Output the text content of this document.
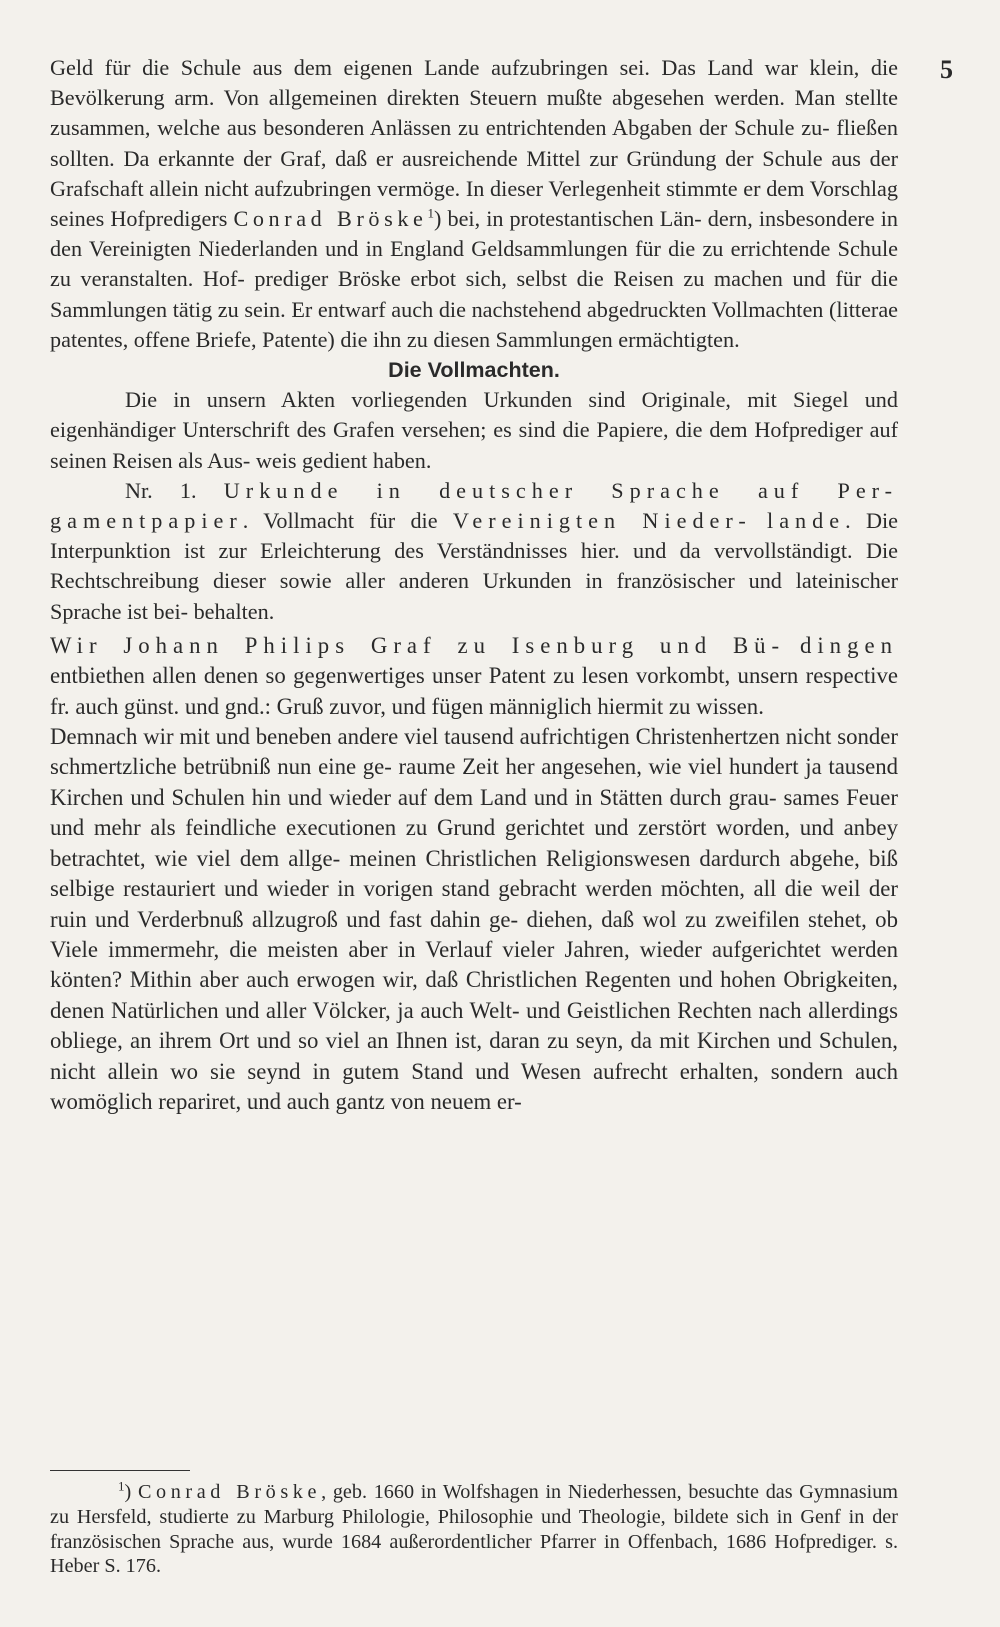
5

Geld für die Schule aus dem eigenen Lande aufzubringen sei. Das Land war klein, die Bevölkerung arm. Von allgemeinen direkten Steuern mußte abgesehen werden. Man stellte zusammen, welche aus besonderen Anlässen zu entrichtenden Abgaben der Schule zu- fließen sollten. Da erkannte der Graf, daß er ausreichende Mittel zur Gründung der Schule aus der Grafschaft allein nicht aufzubringen vermöge. In dieser Verlegenheit stimmte er dem Vorschlag seines Hofpredigers Conrad Bröske$^1$) bei, in protestantischen Län- dern, insbesondere in den Vereinigten Niederlanden und in England Geldsammlungen für die zu errichtende Schule zu veranstalten. Hof- prediger Bröske erbot sich, selbst die Reisen zu machen und für die Sammlungen tätig zu sein. Er entwarf auch die nachstehend abgedruckten Vollmachten (litterae patentes, offene Briefe, Patente) die ihn zu diesen Sammlungen ermächtigten.

Die Vollmachten.

Die in unsern Akten vorliegenden Urkunden sind Originale, mit Siegel und eigenhändiger Unterschrift des Grafen versehen; es sind die Papiere, die dem Hofprediger auf seinen Reisen als Aus- weis gedient haben.

Nr. 1. Urkunde in deutscher Sprache auf Per- gamentpapier. Vollmacht für die Vereinigten Nieder- lande. Die Interpunktion ist zur Erleichterung des Verständnisses hier. und da vervollständigt. Die Rechtschreibung dieser sowie aller anderen Urkunden in französischer und lateinischer Sprache ist bei- behalten.

Wir Johann Philips Graf zu Isenburg und Bü- dingen entbiethen allen denen so gegenwertiges unser Patent zu lesen vorkombt, unsern respective fr. auch günst. und gnd.: Gruß zuvor, und fügen männiglich hiermit zu wissen.

Demnach wir mit und beneben andere viel tausend aufrichtigen Christenhertzen nicht sonder schmertzliche betrübniß nun eine ge- raume Zeit her angesehen, wie viel hundert ja tausend Kirchen und Schulen hin und wieder auf dem Land und in Stätten durch grau- sames Feuer und mehr als feindliche executionen zu Grund gerichtet und zerstört worden, und anbey betrachtet, wie viel dem allge- meinen Christlichen Religionswesen dardurch abgehe, biß selbige restauriert und wieder in vorigen stand gebracht werden möchten, all die weil der ruin und Verderbnuß allzugroß und fast dahin ge- diehen, daß wol zu zweifilen stehet, ob Viele immermehr, die meisten aber in Verlauf vieler Jahren, wieder aufgerichtet werden könten? Mithin aber auch erwogen wir, daß Christlichen Regenten und hohen Obrigkeiten, denen Natürlichen und aller Völcker, ja auch Welt- und Geistlichen Rechten nach allerdings obliege, an ihrem Ort und so viel an Ihnen ist, daran zu seyn, da mit Kirchen und Schulen, nicht allein wo sie seynd in gutem Stand und Wesen aufrecht erhalten, sondern auch womöglich repariret, und auch gantz von neuem er-

$^1$) Conrad Bröske, geb. 1660 in Wolfshagen in Niederhessen, besuchte das Gymnasium zu Hersfeld, studierte zu Marburg Philologie, Philosophie und Theologie, bildete sich in Genf in der französischen Sprache aus, wurde 1684 außerordentlicher Pfarrer in Offenbach, 1686 Hofprediger. s. Heber S. 176.
